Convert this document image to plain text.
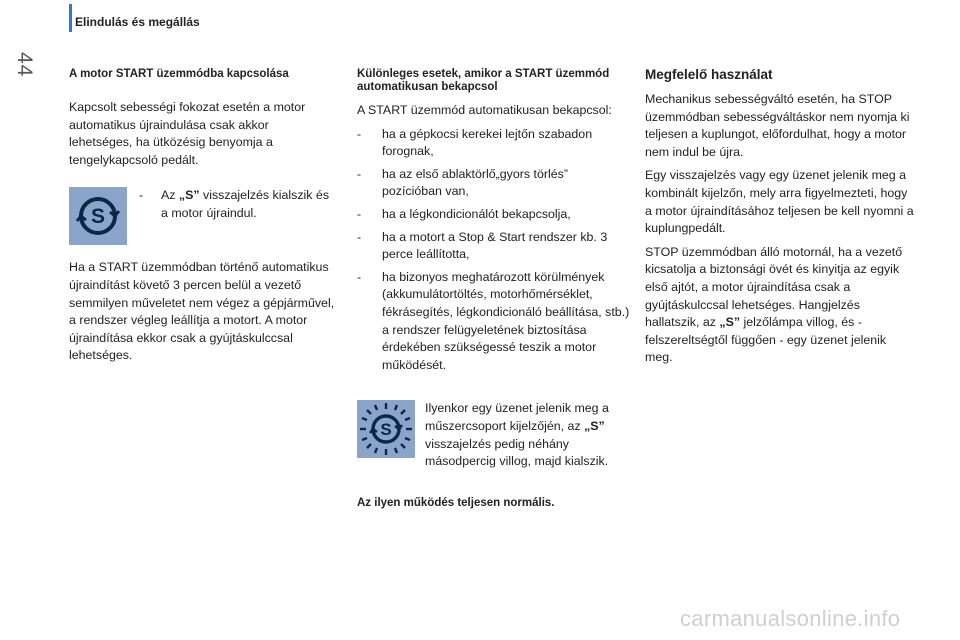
Elindulás és megállás
44	A motor START üzemmódba kapcsolása

Kapcsolt sebességi fokozat esetén a motor automatikus újraindulása csak akkor lehetséges, ha ütközésig benyomja a tengelykapcsoló pedált.

S
-	Az „S” visszajelzés kialszik és a motor újraindul.

Ha a START üzemmódban történő automatikus újraindítást követő 3 percen belül a vezető semmilyen műveletet nem végez a gépjárművel, a rendszer végleg leállítja a motort. A motor újraindítása ekkor csak a gyújtáskulccsal lehetséges.

Különleges esetek, amikor a START üzemmód automatikusan bekapcsol

A START üzemmód automatikusan bekapcsol:

-	ha a gépkocsi kerekei lejtőn szabadon forognak,
-	ha az első ablaktörlő„gyors törlés” pozícióban van,
-	ha a légkondicionálót bekapcsolja,
-	ha a motort a Stop & Start rendszer kb. 3 perce leállította,
-	ha bizonyos meghatározott körülmények (akkumulátortöltés, motorhőmérséklet, fékrásegítés, légkondicionáló beállítása, stb.) a rendszer felügyeletének biztosítása érdekében szükségessé teszik a motor működését.
S

Ilyenkor egy üzenet jelenik meg a műszercsoport kijelzőjén, az „S” visszajelzés pedig néhány másodpercig villog, majd kialszik.

Az ilyen működés teljesen normális.

Megfelelő használat

Mechanikus sebességváltó esetén, ha STOP üzemmódban sebességváltáskor nem nyomja ki teljesen a kuplungot, előfordulhat, hogy a motor nem indul be újra.

Egy visszajelzés vagy egy üzenet jelenik meg a kombinált kijelzőn, mely arra figyelmezteti, hogy a motor újraindításához teljesen be kell nyomni a kuplungpedált.

STOP üzemmódban álló motornál, ha a vezető kicsatolja a biztonsági övét és kinyitja az egyik első ajtót, a motor újraindítása csak a gyújtáskulccsal lehetséges. Hangjelzés hallatszik, az „S” jelzőlámpa villog, és - felszereltségtől függően - egy üzenet jelenik meg.

carmanualsonline.info
